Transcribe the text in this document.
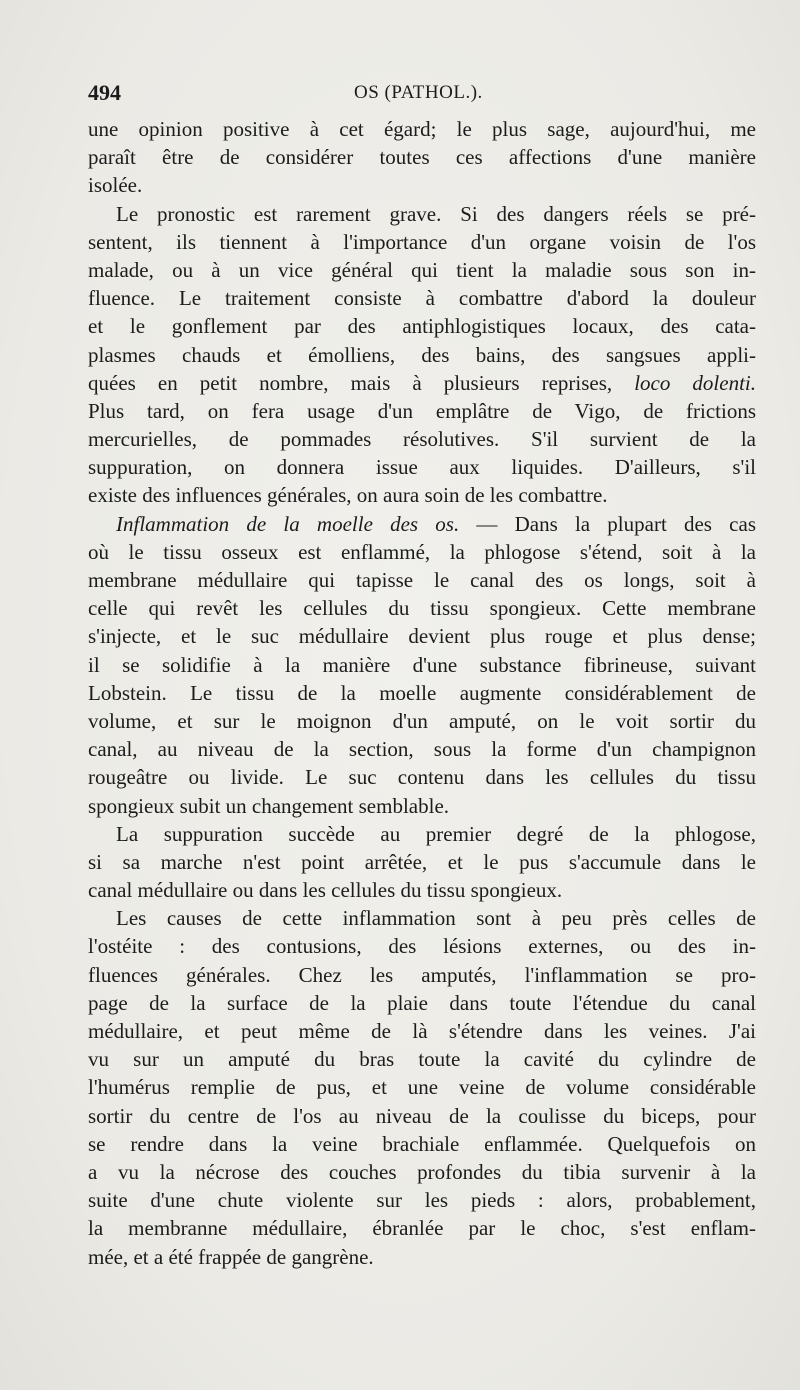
494	OS (PATHOL.).
une opinion positive à cet égard; le plus sage, aujourd'hui, me
paraît être de considérer toutes ces affections d'une manière
isolée.
Le pronostic est rarement grave. Si des dangers réels se pré-
sentent, ils tiennent à l'importance d'un organe voisin de l'os
malade, ou à un vice général qui tient la maladie sous son in-
fluence. Le traitement consiste à combattre d'abord la douleur
et le gonflement par des antiphlogistiques locaux, des cata-
plasmes chauds et émolliens, des bains, des sangsues appli-
quées en petit nombre, mais à plusieurs reprises, loco dolenti.
Plus tard, on fera usage d'un emplâtre de Vigo, de frictions
mercurielles, de pommades résolutives. S'il survient de la
suppuration, on donnera issue aux liquides. D'ailleurs, s'il
existe des influences générales, on aura soin de les combattre.
Inflammation de la moelle des os. — Dans la plupart des cas
où le tissu osseux est enflammé, la phlogose s'étend, soit à la
membrane médullaire qui tapisse le canal des os longs, soit à
celle qui revêt les cellules du tissu spongieux. Cette membrane
s'injecte, et le suc médullaire devient plus rouge et plus dense;
il se solidifie à la manière d'une substance fibrineuse, suivant
Lobstein. Le tissu de la moelle augmente considérablement de
volume, et sur le moignon d'un amputé, on le voit sortir du
canal, au niveau de la section, sous la forme d'un champignon
rougeâtre ou livide. Le suc contenu dans les cellules du tissu
spongieux subit un changement semblable.
La suppuration succède au premier degré de la phlogose,
si sa marche n'est point arrêtée, et le pus s'accumule dans le
canal médullaire ou dans les cellules du tissu spongieux.
Les causes de cette inflammation sont à peu près celles de
l'ostéite : des contusions, des lésions externes, ou des in-
fluences générales. Chez les amputés, l'inflammation se pro-
page de la surface de la plaie dans toute l'étendue du canal
médullaire, et peut même de là s'étendre dans les veines. J'ai
vu sur un amputé du bras toute la cavité du cylindre de
l'humérus remplie de pus, et une veine de volume considérable
sortir du centre de l'os au niveau de la coulisse du biceps, pour
se rendre dans la veine brachiale enflammée. Quelquefois on
a vu la nécrose des couches profondes du tibia survenir à la
suite d'une chute violente sur les pieds : alors, probablement,
la membranne médullaire, ébranlée par le choc, s'est enflam-
mée, et a été frappée de gangrène.
